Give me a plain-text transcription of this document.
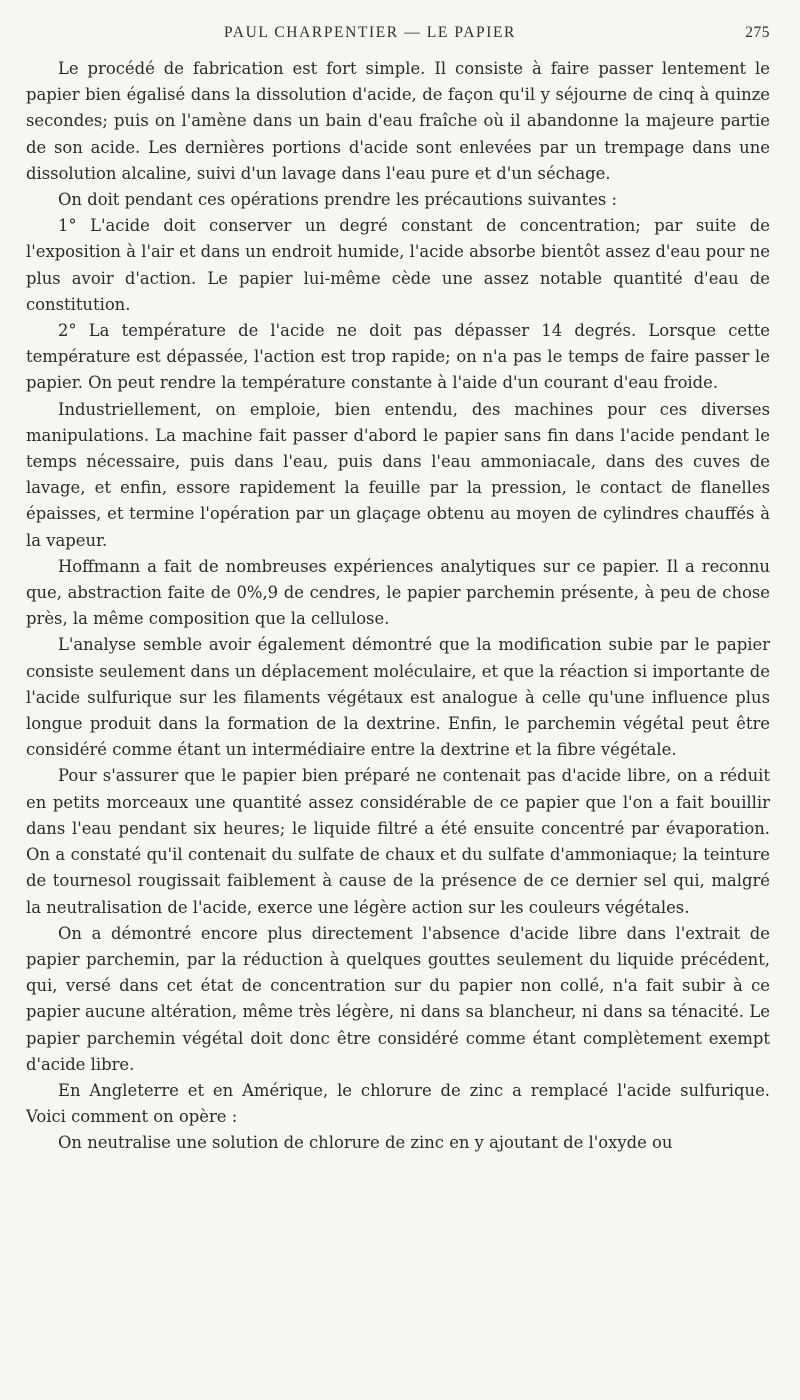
PAUL CHARPENTIER — LE PAPIER	275

Le procédé de fabrication est fort simple. Il consiste à faire passer lentement le papier bien égalisé dans la dissolution d'acide, de façon qu'il y séjourne de cinq à quinze secondes; puis on l'amène dans un bain d'eau fraîche où il abandonne la majeure partie de son acide. Les dernières portions d'acide sont enlevées par un trempage dans une dissolution alcaline, suivi d'un lavage dans l'eau pure et d'un séchage.

On doit pendant ces opérations prendre les précautions suivantes :

1° L'acide doit conserver un degré constant de concentration; par suite de l'exposition à l'air et dans un endroit humide, l'acide absorbe bientôt assez d'eau pour ne plus avoir d'action. Le papier lui-même cède une assez notable quantité d'eau de constitution.

2° La température de l'acide ne doit pas dépasser 14 degrés. Lorsque cette température est dépassée, l'action est trop rapide; on n'a pas le temps de faire passer le papier. On peut rendre la température constante à l'aide d'un courant d'eau froide.

Industriellement, on emploie, bien entendu, des machines pour ces diverses manipulations. La machine fait passer d'abord le papier sans fin dans l'acide pendant le temps nécessaire, puis dans l'eau, puis dans l'eau ammoniacale, dans des cuves de lavage, et enfin, essore rapidement la feuille par la pression, le contact de flanelles épaisses, et termine l'opération par un glaçage obtenu au moyen de cylindres chauffés à la vapeur.

Hoffmann a fait de nombreuses expériences analytiques sur ce papier. Il a reconnu que, abstraction faite de 0%,9 de cendres, le papier parchemin présente, à peu de chose près, la même composition que la cellulose.

L'analyse semble avoir également démontré que la modification subie par le papier consiste seulement dans un déplacement moléculaire, et que la réaction si importante de l'acide sulfurique sur les filaments végétaux est analogue à celle qu'une influence plus longue produit dans la formation de la dextrine. Enfin, le parchemin végétal peut être considéré comme étant un intermédiaire entre la dextrine et la fibre végétale.

Pour s'assurer que le papier bien préparé ne contenait pas d'acide libre, on a réduit en petits morceaux une quantité assez considérable de ce papier que l'on a fait bouillir dans l'eau pendant six heures; le liquide filtré a été ensuite concentré par évaporation. On a constaté qu'il contenait du sulfate de chaux et du sulfate d'ammoniaque; la teinture de tournesol rougissait faiblement à cause de la présence de ce dernier sel qui, malgré la neutralisation de l'acide, exerce une légère action sur les couleurs végétales.

On a démontré encore plus directement l'absence d'acide libre dans l'extrait de papier parchemin, par la réduction à quelques gouttes seulement du liquide précédent, qui, versé dans cet état de concentration sur du papier non collé, n'a fait subir à ce papier aucune altération, même très légère, ni dans sa blancheur, ni dans sa ténacité. Le papier parchemin végétal doit donc être considéré comme étant complètement exempt d'acide libre.

En Angleterre et en Amérique, le chlorure de zinc a remplacé l'acide sulfurique. Voici comment on opère :

On neutralise une solution de chlorure de zinc en y ajoutant de l'oxyde ou
